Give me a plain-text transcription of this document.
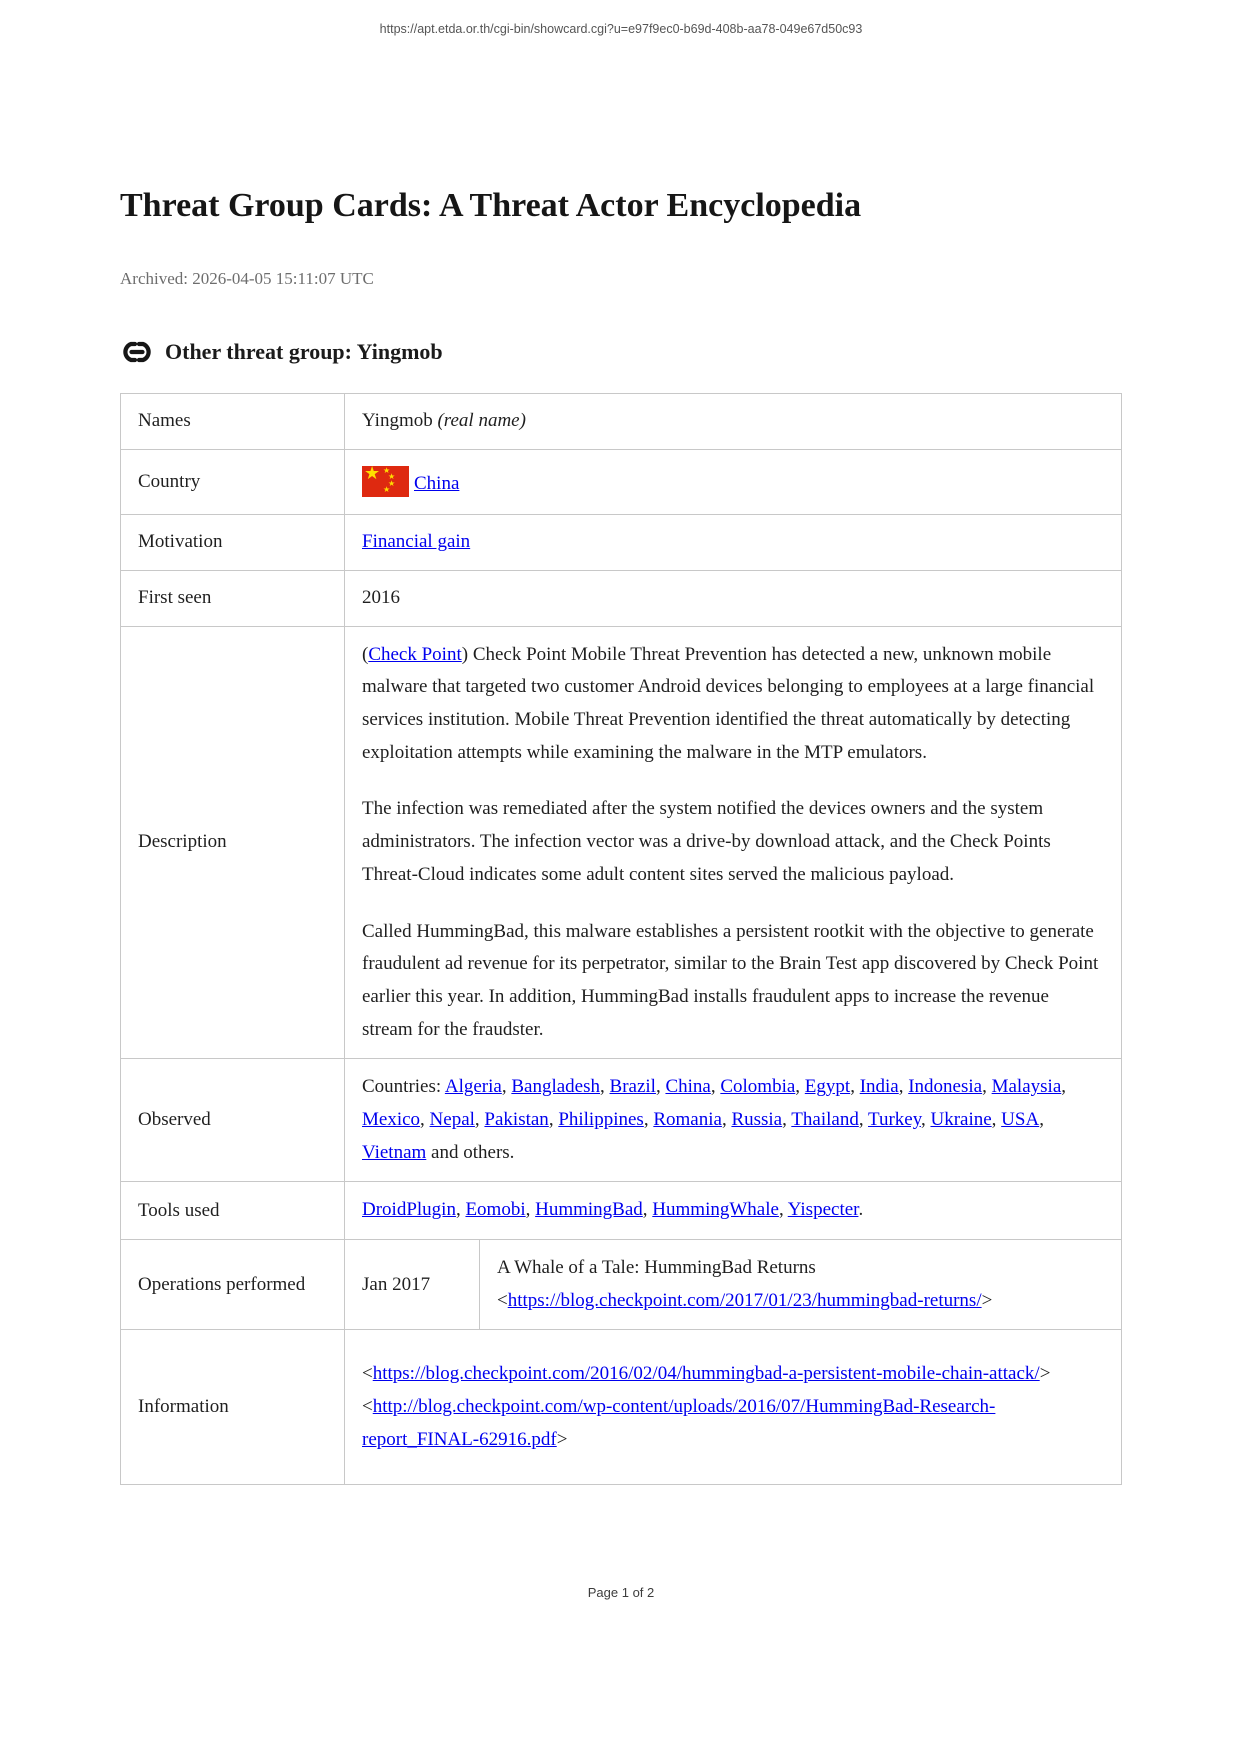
https://apt.etda.or.th/cgi-bin/showcard.cgi?u=e97f9ec0-b69d-408b-aa78-049e67d50c93
Threat Group Cards: A Threat Actor Encyclopedia
Archived: 2026-04-05 15:11:07 UTC
Other threat group: Yingmob
Names	Yingmob (real name)	
Country	★ ★
★
★
★ China
Motivation	Financial gain	
First seen	2016	
Description	(Check Point) Check Point Mobile Threat Prevention has detected a new, unknown mobile malware that targeted two customer Android devices belonging to employees at a large financial services institution. Mobile Threat Prevention identified the threat automatically by detecting exploitation attempts while examining the malware in the MTP emulators.

The infection was remediated after the system notified the devices owners and the system administrators. The infection vector was a drive-by download attack, and the Check Points Threat-Cloud indicates some adult content sites served the malicious payload.

Called HummingBad, this malware establishes a persistent rootkit with the objective to generate fraudulent ad revenue for its perpetrator, similar to the Brain Test app discovered by Check Point earlier this year. In addition, HummingBad installs fraudulent apps to increase the revenue stream for the fraudster.	

Observed	Countries: Algeria, Bangladesh, Brazil, China, Colombia, Egypt, India, Indonesia, Malaysia, Mexico, Nepal, Pakistan, Philippines, Romania, Russia, Thailand, Turkey, Ukraine, USA, Vietnam and others.	
Tools used	DroidPlugin, Eomobi, HummingBad, HummingWhale, Yispecter.	
Operations performed	Jan 2017	A Whale of a Tale: HummingBad Returns
<https://blog.checkpoint.com/2017/01/23/hummingbad-returns/>

Information	<https://blog.checkpoint.com/2016/02/04/hummingbad-a-persistent-mobile-chain-attack/>
<http://blog.checkpoint.com/wp-content/uploads/2016/07/HummingBad-Research-report_FINAL-62916.pdf>	
Page 1 of 2
